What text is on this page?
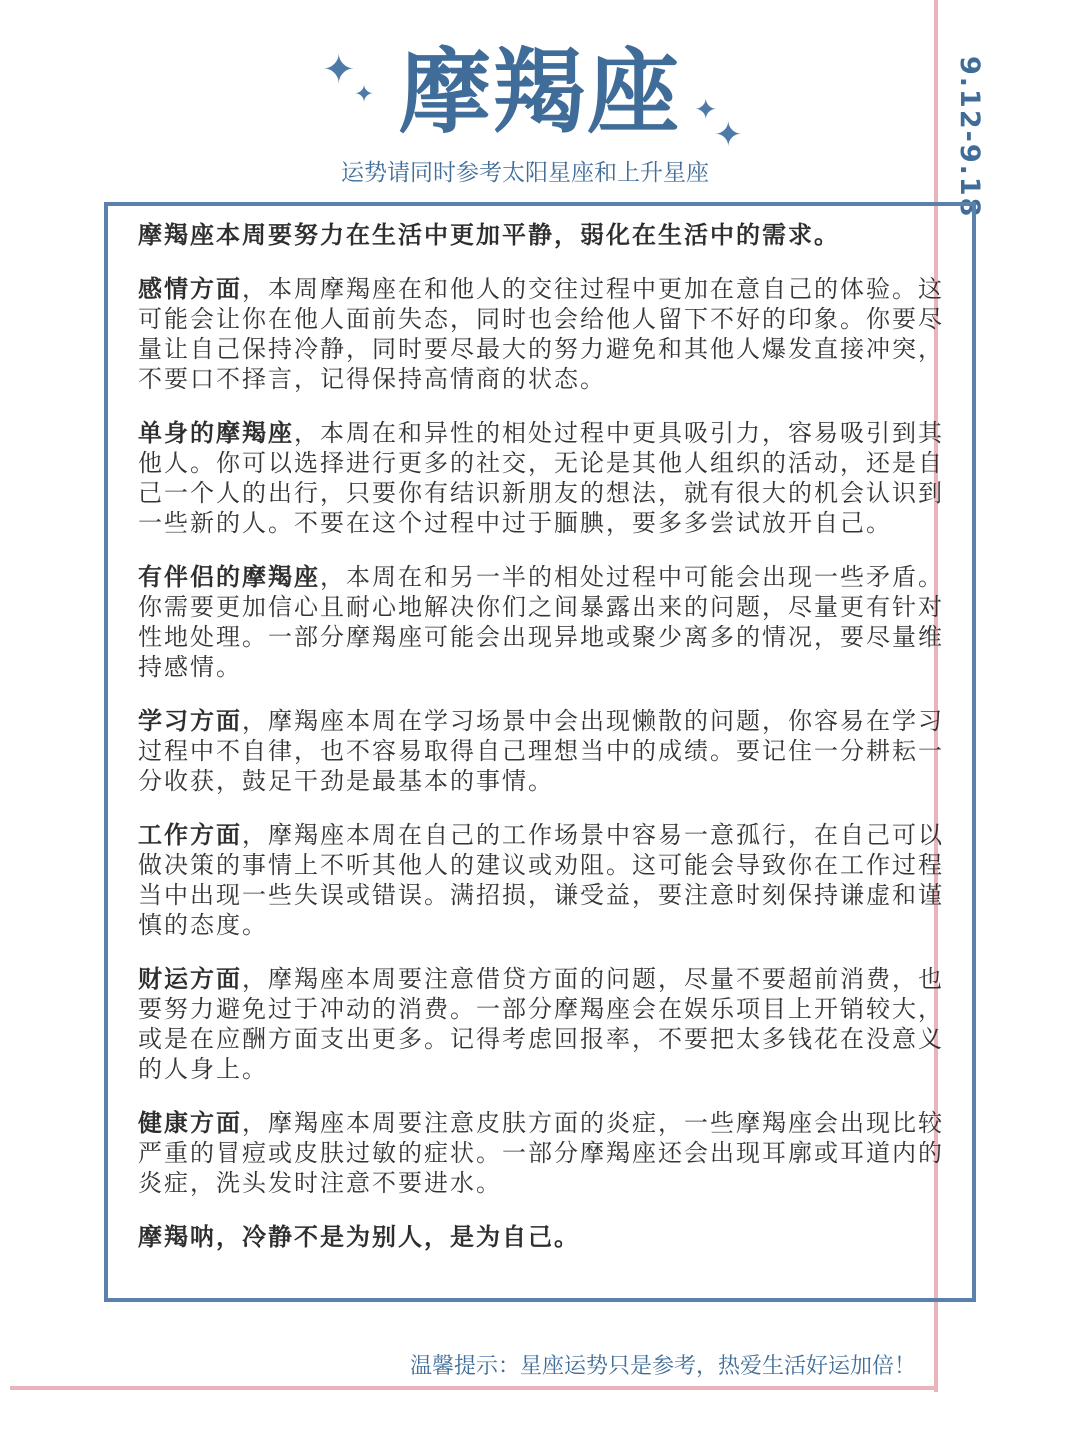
✦
✦	✦
✦
摩羯座
运势请同时参考太阳星座和上升星座	9.12-9.18

摩羯座本周要努力在生活中更加平静，弱化在生活中的需求。

感情方面，本周摩羯座在和他人的交往过程中更加在意自己的体验。这可能会让你在他人面前失态，同时也会给他人留下不好的印象。你要尽量让自己保持冷静，同时要尽最大的努力避免和其他人爆发直接冲突，不要口不择言，记得保持高情商的状态。

单身的摩羯座，本周在和异性的相处过程中更具吸引力，容易吸引到其他人。你可以选择进行更多的社交，无论是其他人组织的活动，还是自己一个人的出行，只要你有结识新朋友的想法，就有很大的机会认识到一些新的人。不要在这个过程中过于腼腆，要多多尝试放开自己。

有伴侣的摩羯座，本周在和另一半的相处过程中可能会出现一些矛盾。你需要更加信心且耐心地解决你们之间暴露出来的问题，尽量更有针对性地处理。一部分摩羯座可能会出现异地或聚少离多的情况，要尽量维持感情。

学习方面，摩羯座本周在学习场景中会出现懒散的问题，你容易在学习过程中不自律，也不容易取得自己理想当中的成绩。要记住一分耕耘一分收获，鼓足干劲是最基本的事情。

工作方面，摩羯座本周在自己的工作场景中容易一意孤行，在自己可以做决策的事情上不听其他人的建议或劝阻。这可能会导致你在工作过程当中出现一些失误或错误。满招损，谦受益，要注意时刻保持谦虚和谨慎的态度。

财运方面，摩羯座本周要注意借贷方面的问题，尽量不要超前消费，也要努力避免过于冲动的消费。一部分摩羯座会在娱乐项目上开销较大，或是在应酬方面支出更多。记得考虑回报率，不要把太多钱花在没意义的人身上。

健康方面，摩羯座本周要注意皮肤方面的炎症，一些摩羯座会出现比较严重的冒痘或皮肤过敏的症状。一部分摩羯座还会出现耳廓或耳道内的炎症，洗头发时注意不要进水。

摩羯呐，冷静不是为别人，是为自己。

温馨提示：星座运势只是参考，热爱生活好运加倍！
